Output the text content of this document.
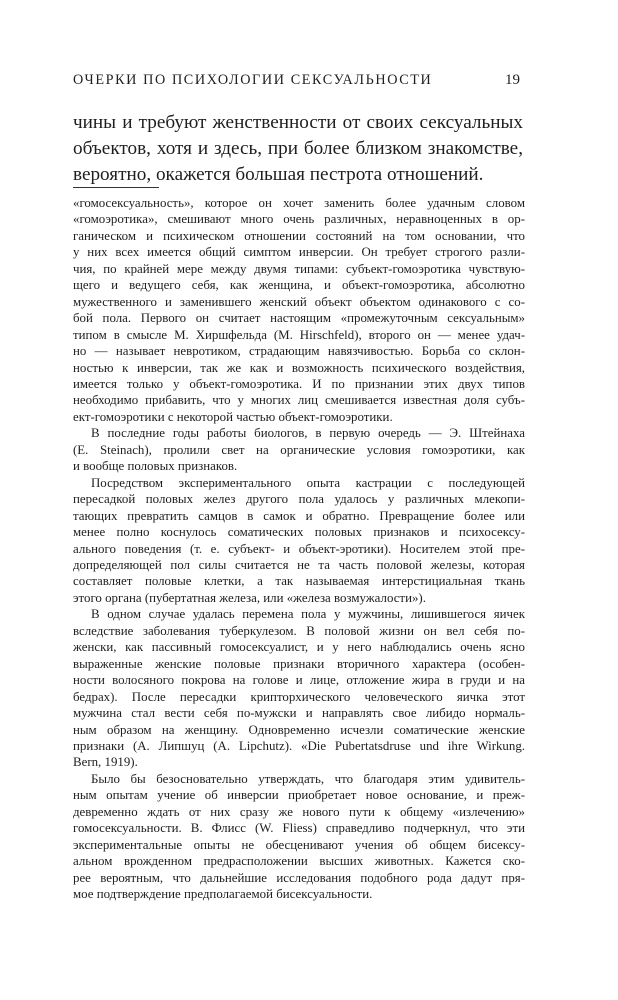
ОЧЕРКИ ПО ПСИХОЛОГИИ СЕКСУАЛЬНОСТИ	19
чины и требуют женственности от своих сексуальных
объектов, хотя и здесь, при более близком знакомстве,
вероятно, окажется большая пестрота отношений.
«гомосексуальность», которое он хочет заменить более удачным словом
«гомоэротика», смешивают много очень различных, неравноценных в ор-
ганическом и психическом отношении состояний на том основании, что
у них всех имеется общий симптом инверсии. Он требует строгого разли-
чия, по крайней мере между двумя типами: субъект-гомоэротика чувствую-
щего и ведущего себя, как женщина, и объект-гомоэротика, абсолютно
мужественного и заменившего женский объект объектом одинакового с со-
бой пола. Первого он считает настоящим «промежуточным сексуальным»
типом в смысле М. Хиршфельда (M. Hirschfeld), второго он — менее удач-
но — называет невротиком, страдающим навязчивостью. Борьба со склон-
ностью к инверсии, так же как и возможность психического воздействия,
имеется только у объект-гомоэротика. И по признании этих двух типов
необходимо прибавить, что у многих лиц смешивается известная доля субъ-
ект-гомоэротики с некоторой частью объект-гомоэротики.
В последние годы работы биологов, в первую очередь — Э. Штейнаха
(E. Steinach), пролили свет на органические условия гомоэротики, как
и вообще половых признаков.
Посредством экспериментального опыта кастрации с последующей
пересадкой половых желез другого пола удалось у различных млекопи-
тающих превратить самцов в самок и обратно. Превращение более или
менее полно коснулось соматических половых признаков и психосексу-
ального поведения (т. е. субъект- и объект-эротики). Носителем этой пре-
допределяющей пол силы считается не та часть половой железы, которая
составляет половые клетки, а так называемая интерстициальная ткань
этого органа (пубертатная железа, или «железа возмужалости»).
В одном случае удалась перемена пола у мужчины, лишившегося яичек
вследствие заболевания туберкулезом. В половой жизни он вел себя по-
женски, как пассивный гомосексуалист, и у него наблюдались очень ясно
выраженные женские половые признаки вторичного характера (особен-
ности волосяного покрова на голове и лице, отложение жира в груди и на
бедрах). После пересадки крипторхического человеческого яичка этот
мужчина стал вести себя по-мужски и направлять свое либидо нормаль-
ным образом на женщину. Одновременно исчезли соматические женские
признаки (А. Липшуц (A. Lipchutz). «Die Pubertatsdruse und ihre Wirkung.
Bern, 1919).
Было бы безосновательно утверждать, что благодаря этим удивитель-
ным опытам учение об инверсии приобретает новое основание, и преж-
девременно ждать от них сразу же нового пути к общему «излечению»
гомосексуальности. В. Флисс (W. Fliess) справедливо подчеркнул, что эти
экспериментальные опыты не обесценивают учения об общем бисексу-
альном врожденном предрасположении высших животных. Кажется ско-
рее вероятным, что дальнейшие исследования подобного рода дадут пря-
мое подтверждение предполагаемой бисексуальности.
